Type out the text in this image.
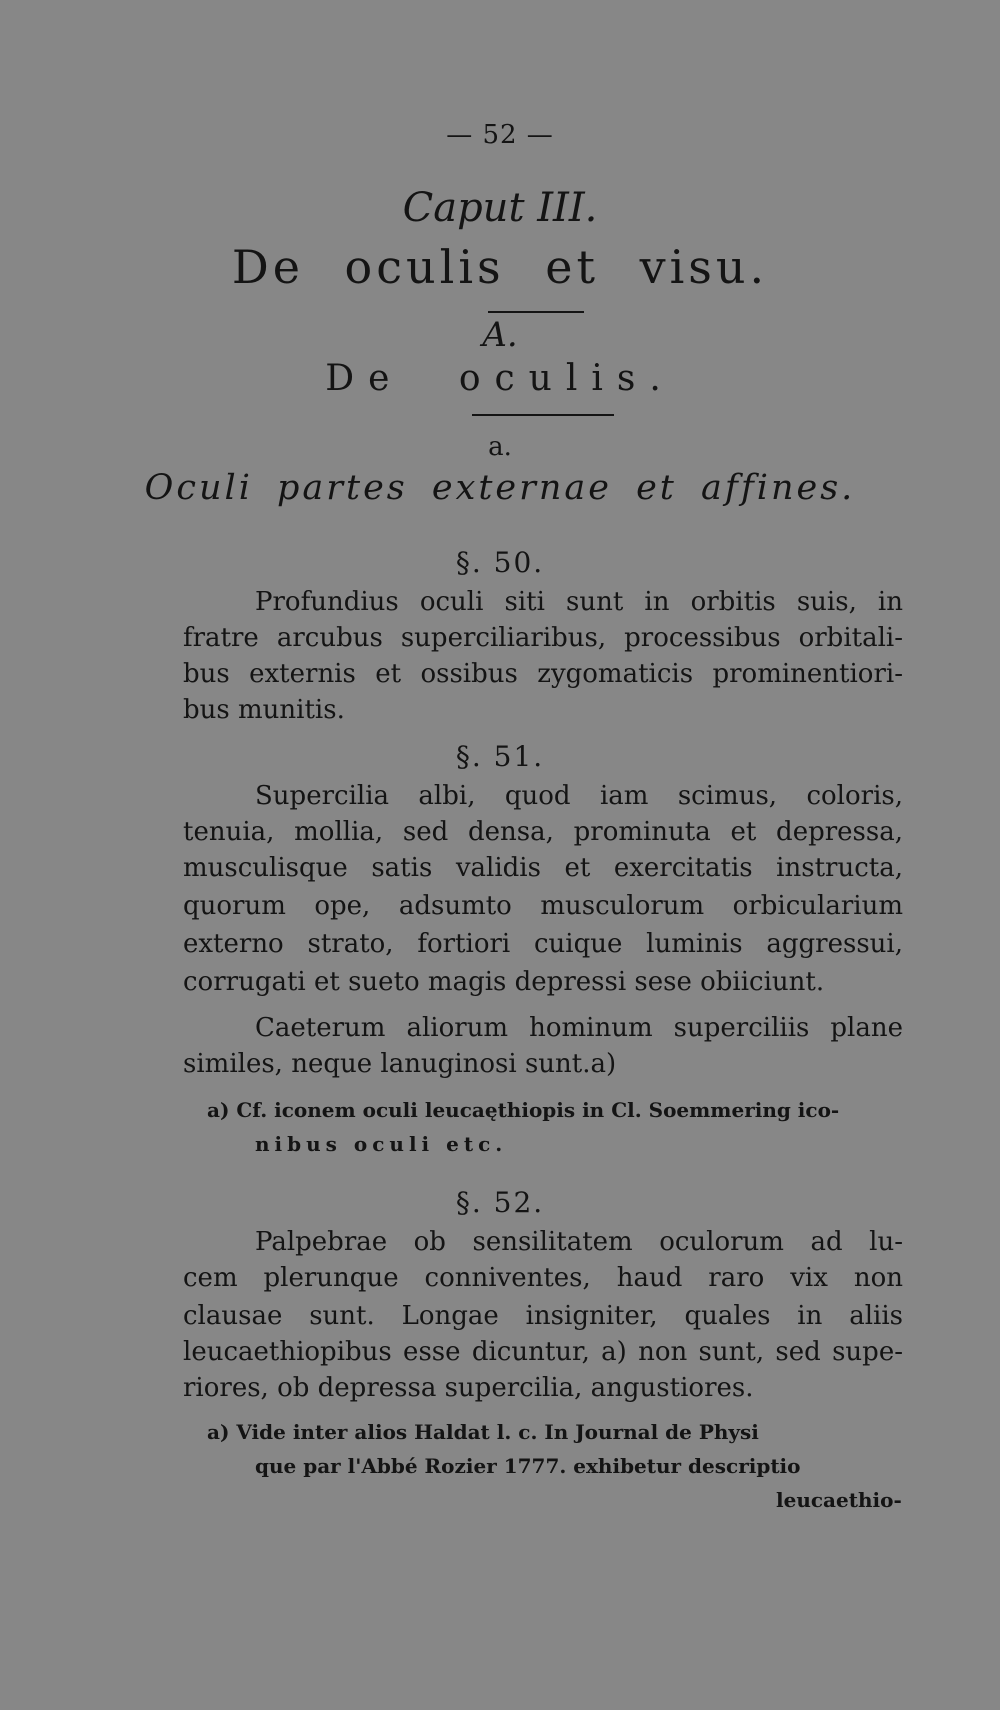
— 52 —
Caput III.
De oculis et visu.
A.
De oculis.
a.
Oculi partes externae et affines.
§. 50.
Profundius oculi siti sunt in orbitis suis, in
fratre arcubus superciliaribus, processibus orbitali-
bus externis et ossibus zygomaticis prominentiori-
bus munitis.
§. 51.
Supercilia albi, quod iam scimus, coloris,
tenuia, mollia, sed densa, prominuta et depressa,
musculisque satis validis et exercitatis instructa,
quorum ope, adsumto musculorum orbicularium
externo strato, fortiori cuique luminis aggressui,
corrugati et sueto magis depressi sese obiiciunt.
Caeterum aliorum hominum superciliis plane
similes, neque lanuginosi sunt.a)
a) Cf. iconem oculi leucaęthiopis in Cl. Soemmering ico-
nibus oculi etc.
§. 52.
Palpebrae ob sensilitatem oculorum ad lu-
cem plerunque conniventes, haud raro vix non
clausae sunt. Longae insigniter, quales in aliis
leucaethiopibus esse dicuntur, a) non sunt, sed supe-
riores, ob depressa supercilia, angustiores.
a) Vide inter alios Haldat l. c. In Journal de Physi
que par l'Abbé Rozier 1777. exhibetur descriptio
leucaethio-
